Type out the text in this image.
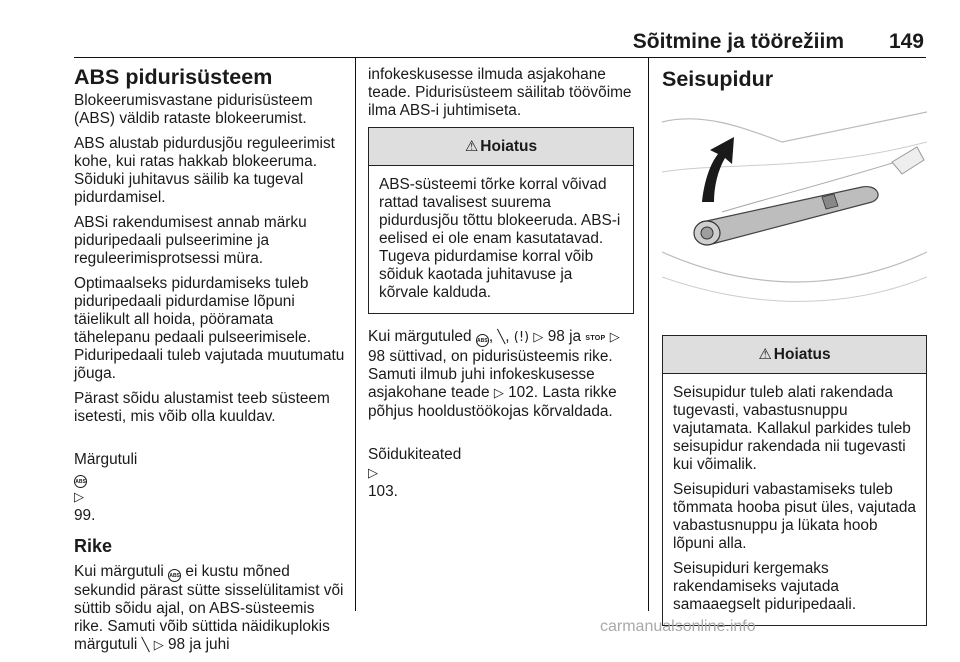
Sõitmine ja töörežiim 149
ABS pidurisüsteem

Blokeerumisvastane pidurisüsteem (ABS) väldib rataste blokeerumist.

ABS alustab pidurdusjõu reguleerimist kohe, kui ratas hakkab blokeeruma. Sõiduki juhitavus säilib ka tugeval pidurdamisel.

ABSi rakendumisest annab märku piduripedaali pulseerimine ja reguleerimisprotsessi müra.

Optimaalseks pidurdamiseks tuleb piduripedaali pidurdamise lõpuni täielikult all hoida, pööramata tähelepanu pedaali pulseerimisele. Piduripedaali tuleb vajutada muutumatu jõuga.

Pärast sõidu alustamist teeb süsteem isetesti, mis võib olla kuuldav.

Märgutuli
ABS
▷
99.

Rike

Kui märgutuli ABS ei kustu mõned sekundid pärast sütte sisselülitamist või süttib sõidu ajal, on ABS-süsteemis rike. Samuti võib süttida näidikuplokis märgutuli ╲ ▷ 98 ja juhi

infokeskusesse ilmuda asjakohane teade. Pidurisüsteem säilitab töövõime ilma ABS-i juhtimiseta.

⚠ Hoiatus

ABS-süsteemi tõrke korral võivad rattad tavalisest suurema pidurdusjõu tõttu blokeeruda. ABS-i eelised ei ole enam kasutatavad. Tugeva pidurdamise korral võib sõiduk kaotada juhitavuse ja kõrvale kalduda.

Kui märgutuled ABS, ╲, (!) ▷ 98 ja STOP ▷ 98 süttivad, on pidurisüsteemis rike. Samuti ilmub juhi infokeskusesse asjakohane teade ▷ 102. Lasta rikke põhjus hooldustöökojas kõrvaldada.

Sõidukiteated
▷
103.

Seisupidur
⚠ Hoiatus

Seisupidur tuleb alati rakendada tugevasti, vabastusnuppu vajutamata. Kallakul parkides tuleb seisupidur rakendada nii tugevasti kui võimalik.

Seisupiduri vabastamiseks tuleb tõmmata hooba pisut üles, vajutada vabastusnuppu ja lükata hoob lõpuni alla.

Seisupiduri kergemaks rakendamiseks vajutada samaaegselt piduripedaali.

carmanualsonline.info
